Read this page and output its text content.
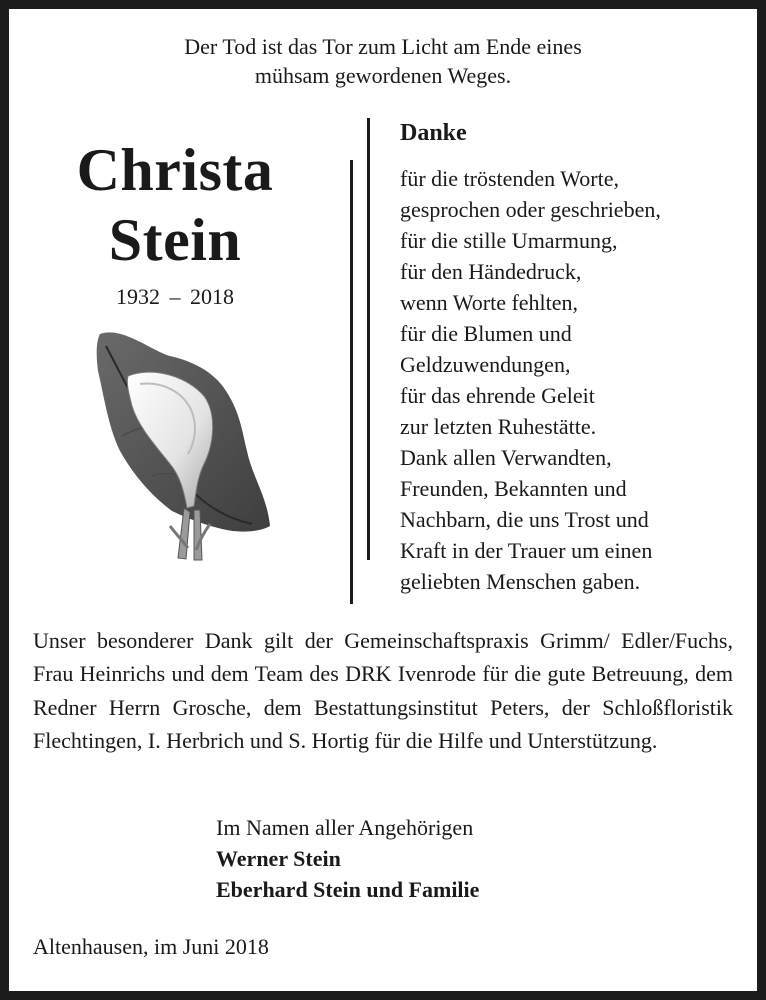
Der Tod ist das Tor zum Licht am Ende eines
mühsam gewordenen Weges.
Christa
Stein
1932 – 2018
Danke
für die tröstenden Worte,
gesprochen oder geschrieben,
für die stille Umarmung,
für den Händedruck,
wenn Worte fehlten,
für die Blumen und
Geldzuwendungen,
für das ehrende Geleit
zur letzten Ruhestätte.
Dank allen Verwandten,
Freunden, Bekannten und
Nachbarn, die uns Trost und
Kraft in der Trauer um einen
geliebten Menschen gaben.
Unser besonderer Dank gilt der Gemeinschaftspraxis Grimm/ Edler/Fuchs, Frau Heinrichs und dem Team des DRK Ivenrode für die gute Betreuung, dem Redner Herrn Grosche, dem Bestattungsinstitut Peters, der Schloßfloristik Flechtingen, I. Herbrich und S. Hortig für die Hilfe und Unterstützung.
Im Namen aller Angehörigen
Werner Stein
Eberhard Stein und Familie
Altenhausen, im Juni 2018
